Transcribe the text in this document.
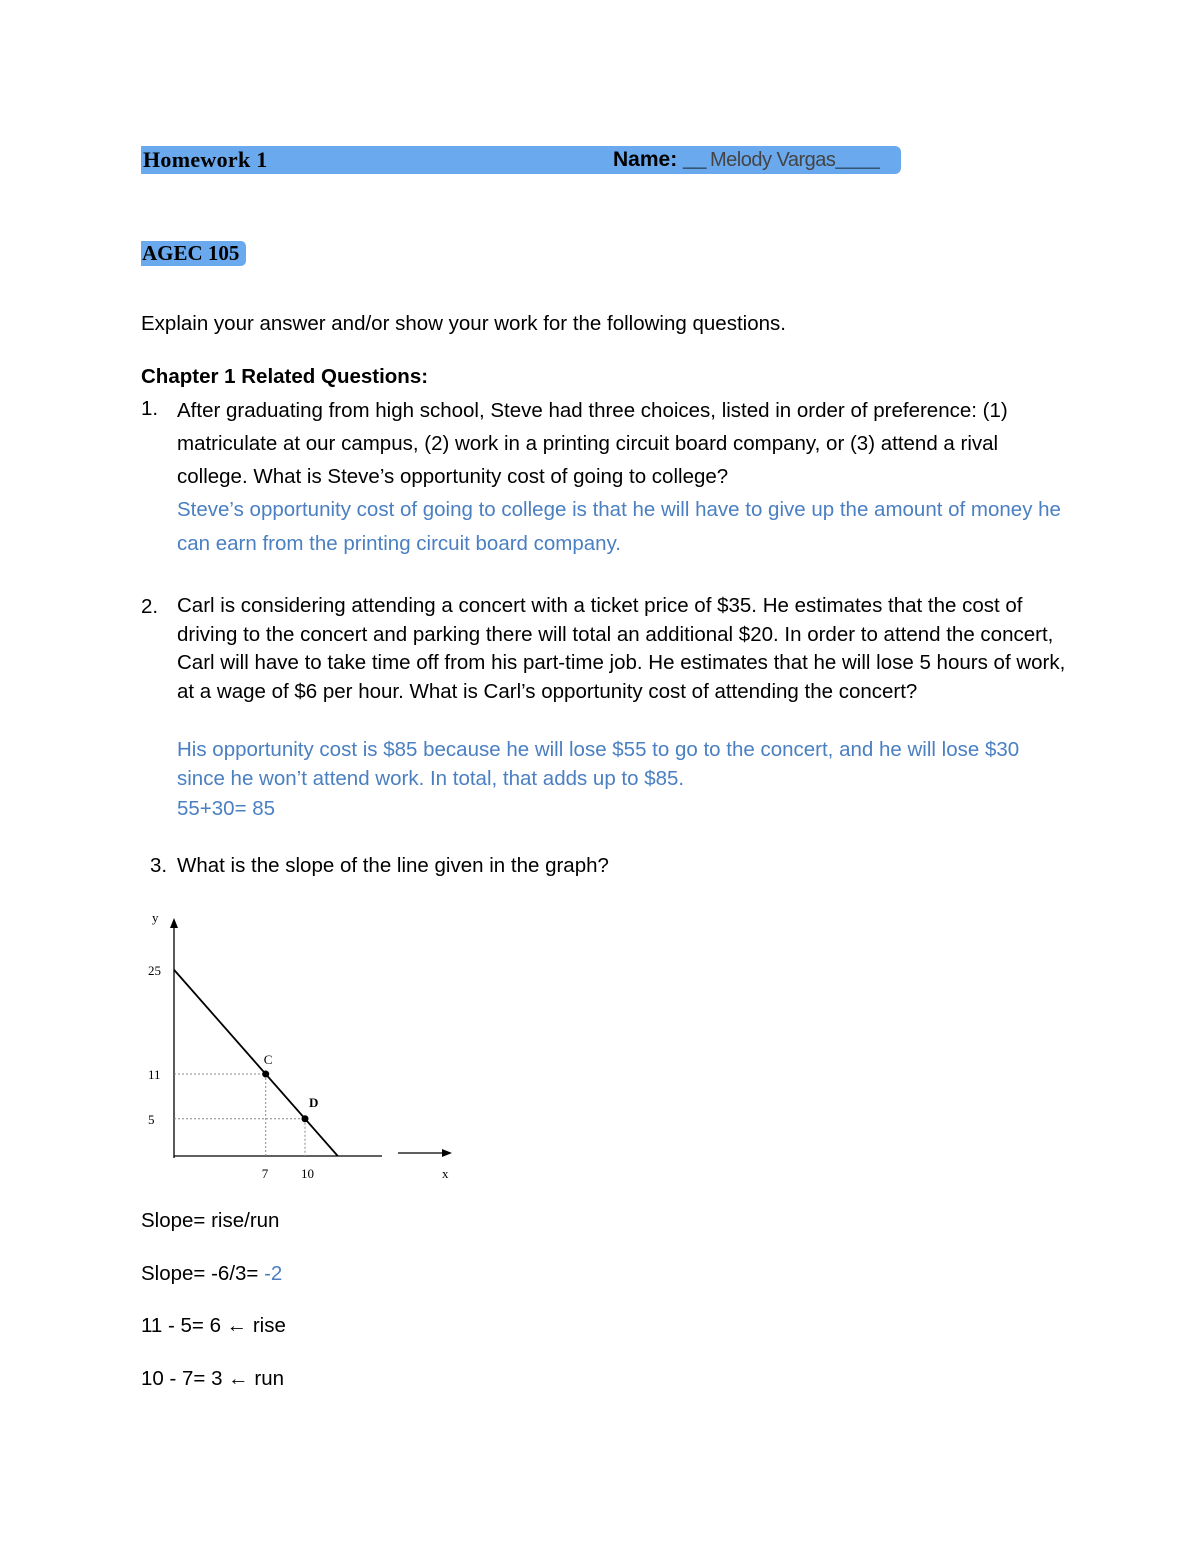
Homework 1	Name: __ Melody Vargas____
AGEC 105
Explain your answer and/or show your work for the following questions.
Chapter 1 Related Questions:
1. After graduating from high school, Steve had three choices, listed in order of preference: (1) matriculate at our campus, (2) work in a printing circuit board company, or (3) attend a rival college. What is Steve’s opportunity cost of going to college?
Steve’s opportunity cost of going to college is that he will have to give up the amount of money he can earn from the printing circuit board company.
2. Carl is considering attending a concert with a ticket price of $35. He estimates that the cost of driving to the concert and parking there will total an additional $20. In order to attend the concert, Carl will have to take time off from his part-time job. He estimates that he will lose 5 hours of work, at a wage of $6 per hour. What is Carl’s opportunity cost of attending the concert?
His opportunity cost is $85 because he will lose $55 to go to the concert, and he will lose $30 since he won’t attend work. In total, that adds up to $85.
55+30= 85
3. What is the slope of the line given in the graph?
y
x
C
D
25
11
5
7	10
Slope= rise/run
Slope= -6/3= -2
11 - 5= 6 ← rise
10 - 7= 3 ← run
